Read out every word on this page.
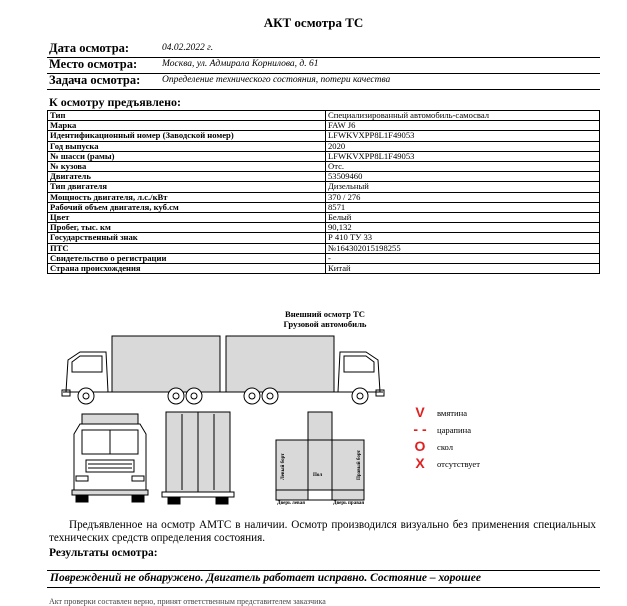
АКТ осмотра ТС
Дата осмотра:	04.02.2022 г.
Место осмотра:	Москва, ул. Адмирала Корнилова, д. 61
Задача осмотра: Определение технического состояния, потери качества
К осмотру предъявлено:
Тип	Специализированный автомобиль-самосвал
Марка	FAW J6
Идентификационный номер (Заводской номер)	LFWKVXPP8L1F49053
Год выпуска	2020
№ шасси (рамы)	LFWKVXPP8L1F49053
№ кузова	Отс.
Двигатель	53509460
Тип двигателя	Дизельный
Мощность двигателя, л.с./кВт	370 / 276
Рабочий объем двигателя, куб.см	8571
Цвет	Белый
Пробег, тыс. км	90,132
Государственный знак	Р 410 ТУ 33
ПТС	№164302015198255
Свидетельство о регистрации	-
Страна происхождения	Китай
Внешний осмотр ТС
Грузовой автомобиль
Левый борт	Правый борт
Пол
Дверь левая	Дверь правая
V	вмятина
- - царапина
O скол
X	отсутствует
Предъявленное на осмотр АМТС в наличии. Осмотр производился визуально без применения специальных технических средств определения состояния.
Результаты осмотра:
Повреждений не обнаружено. Двигатель работает исправно. Состояние – хорошее
Акт проверки составлен верно, принят ответственным представителем заказчика
